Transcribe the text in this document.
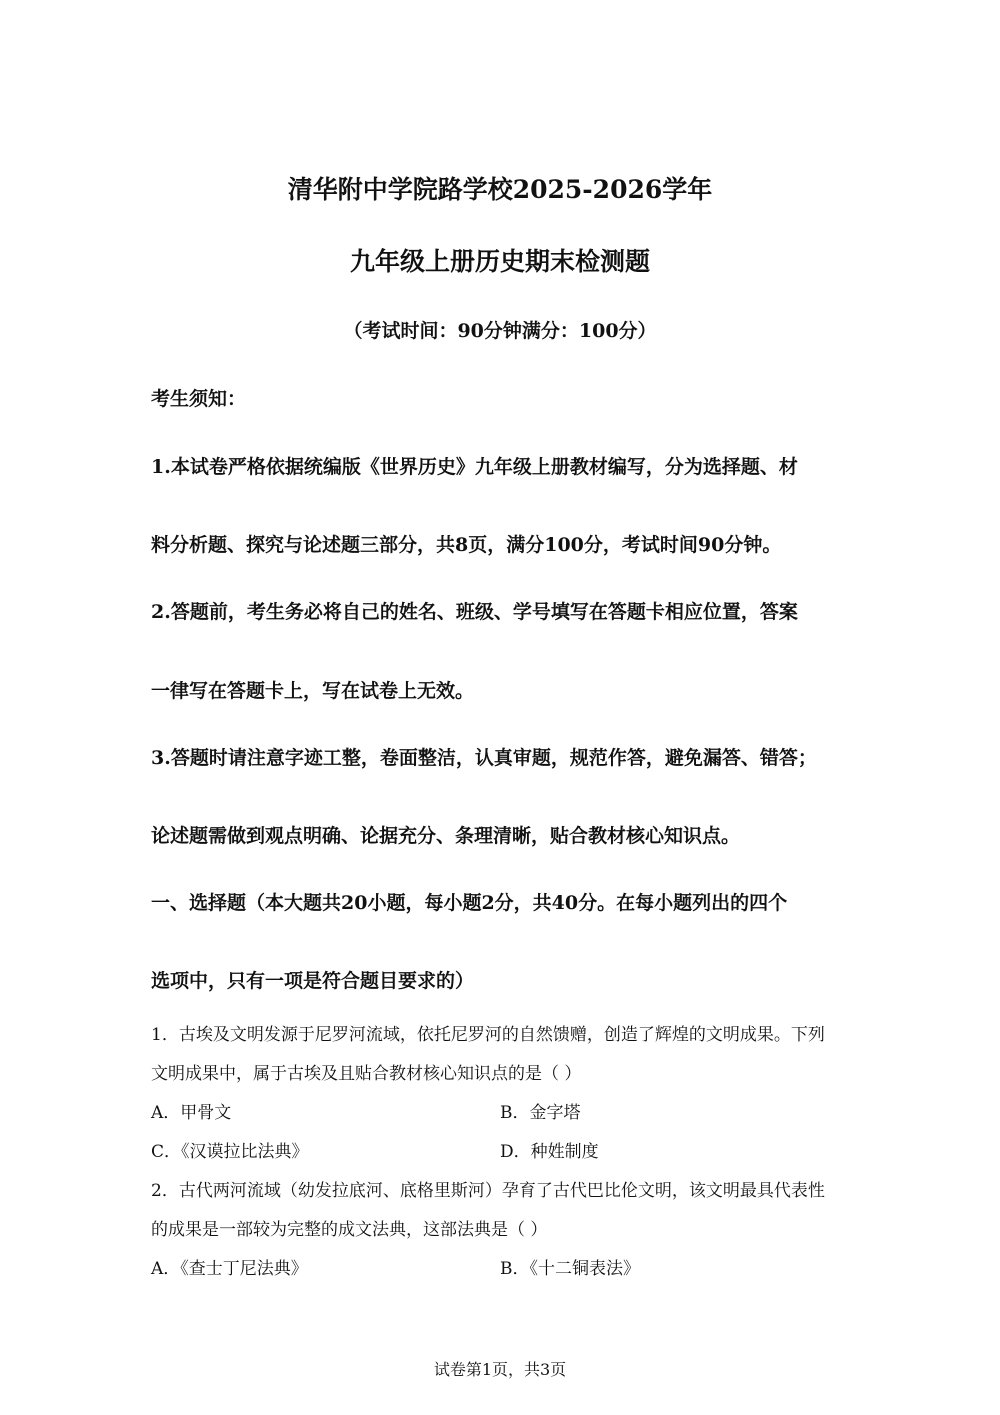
清华附中学院路学校2025-2026学年
九年级上册历史期末检测题
（考试时间：90分钟满分：100分）
考生须知：
1.本试卷严格依据统编版《世界历史》九年级上册教材编写，分为选择题、材
料分析题、探究与论述题三部分，共8页，满分100分，考试时间90分钟。
2.答题前，考生务必将自己的姓名、班级、学号填写在答题卡相应位置，答案
一律写在答题卡上，写在试卷上无效。
3.答题时请注意字迹工整，卷面整洁，认真审题，规范作答，避免漏答、错答；
论述题需做到观点明确、论据充分、条理清晰，贴合教材核心知识点。
一、选择题（本大题共20小题，每小题2分，共40分。在每小题列出的四个
选项中，只有一项是符合题目要求的）
1．古埃及文明发源于尼罗河流域，依托尼罗河的自然馈赠，创造了辉煌的文明成果。下列
文明成果中，属于古埃及且贴合教材核心知识点的是（ ）
A．甲骨文	B．金字塔
C．《汉谟拉比法典》	D．种姓制度
2．古代两河流域（幼发拉底河、底格里斯河）孕育了古代巴比伦文明，该文明最具代表性
的成果是一部较为完整的成文法典，这部法典是（ ）
A．《查士丁尼法典》	B．《十二铜表法》
试卷第1页，共3页
